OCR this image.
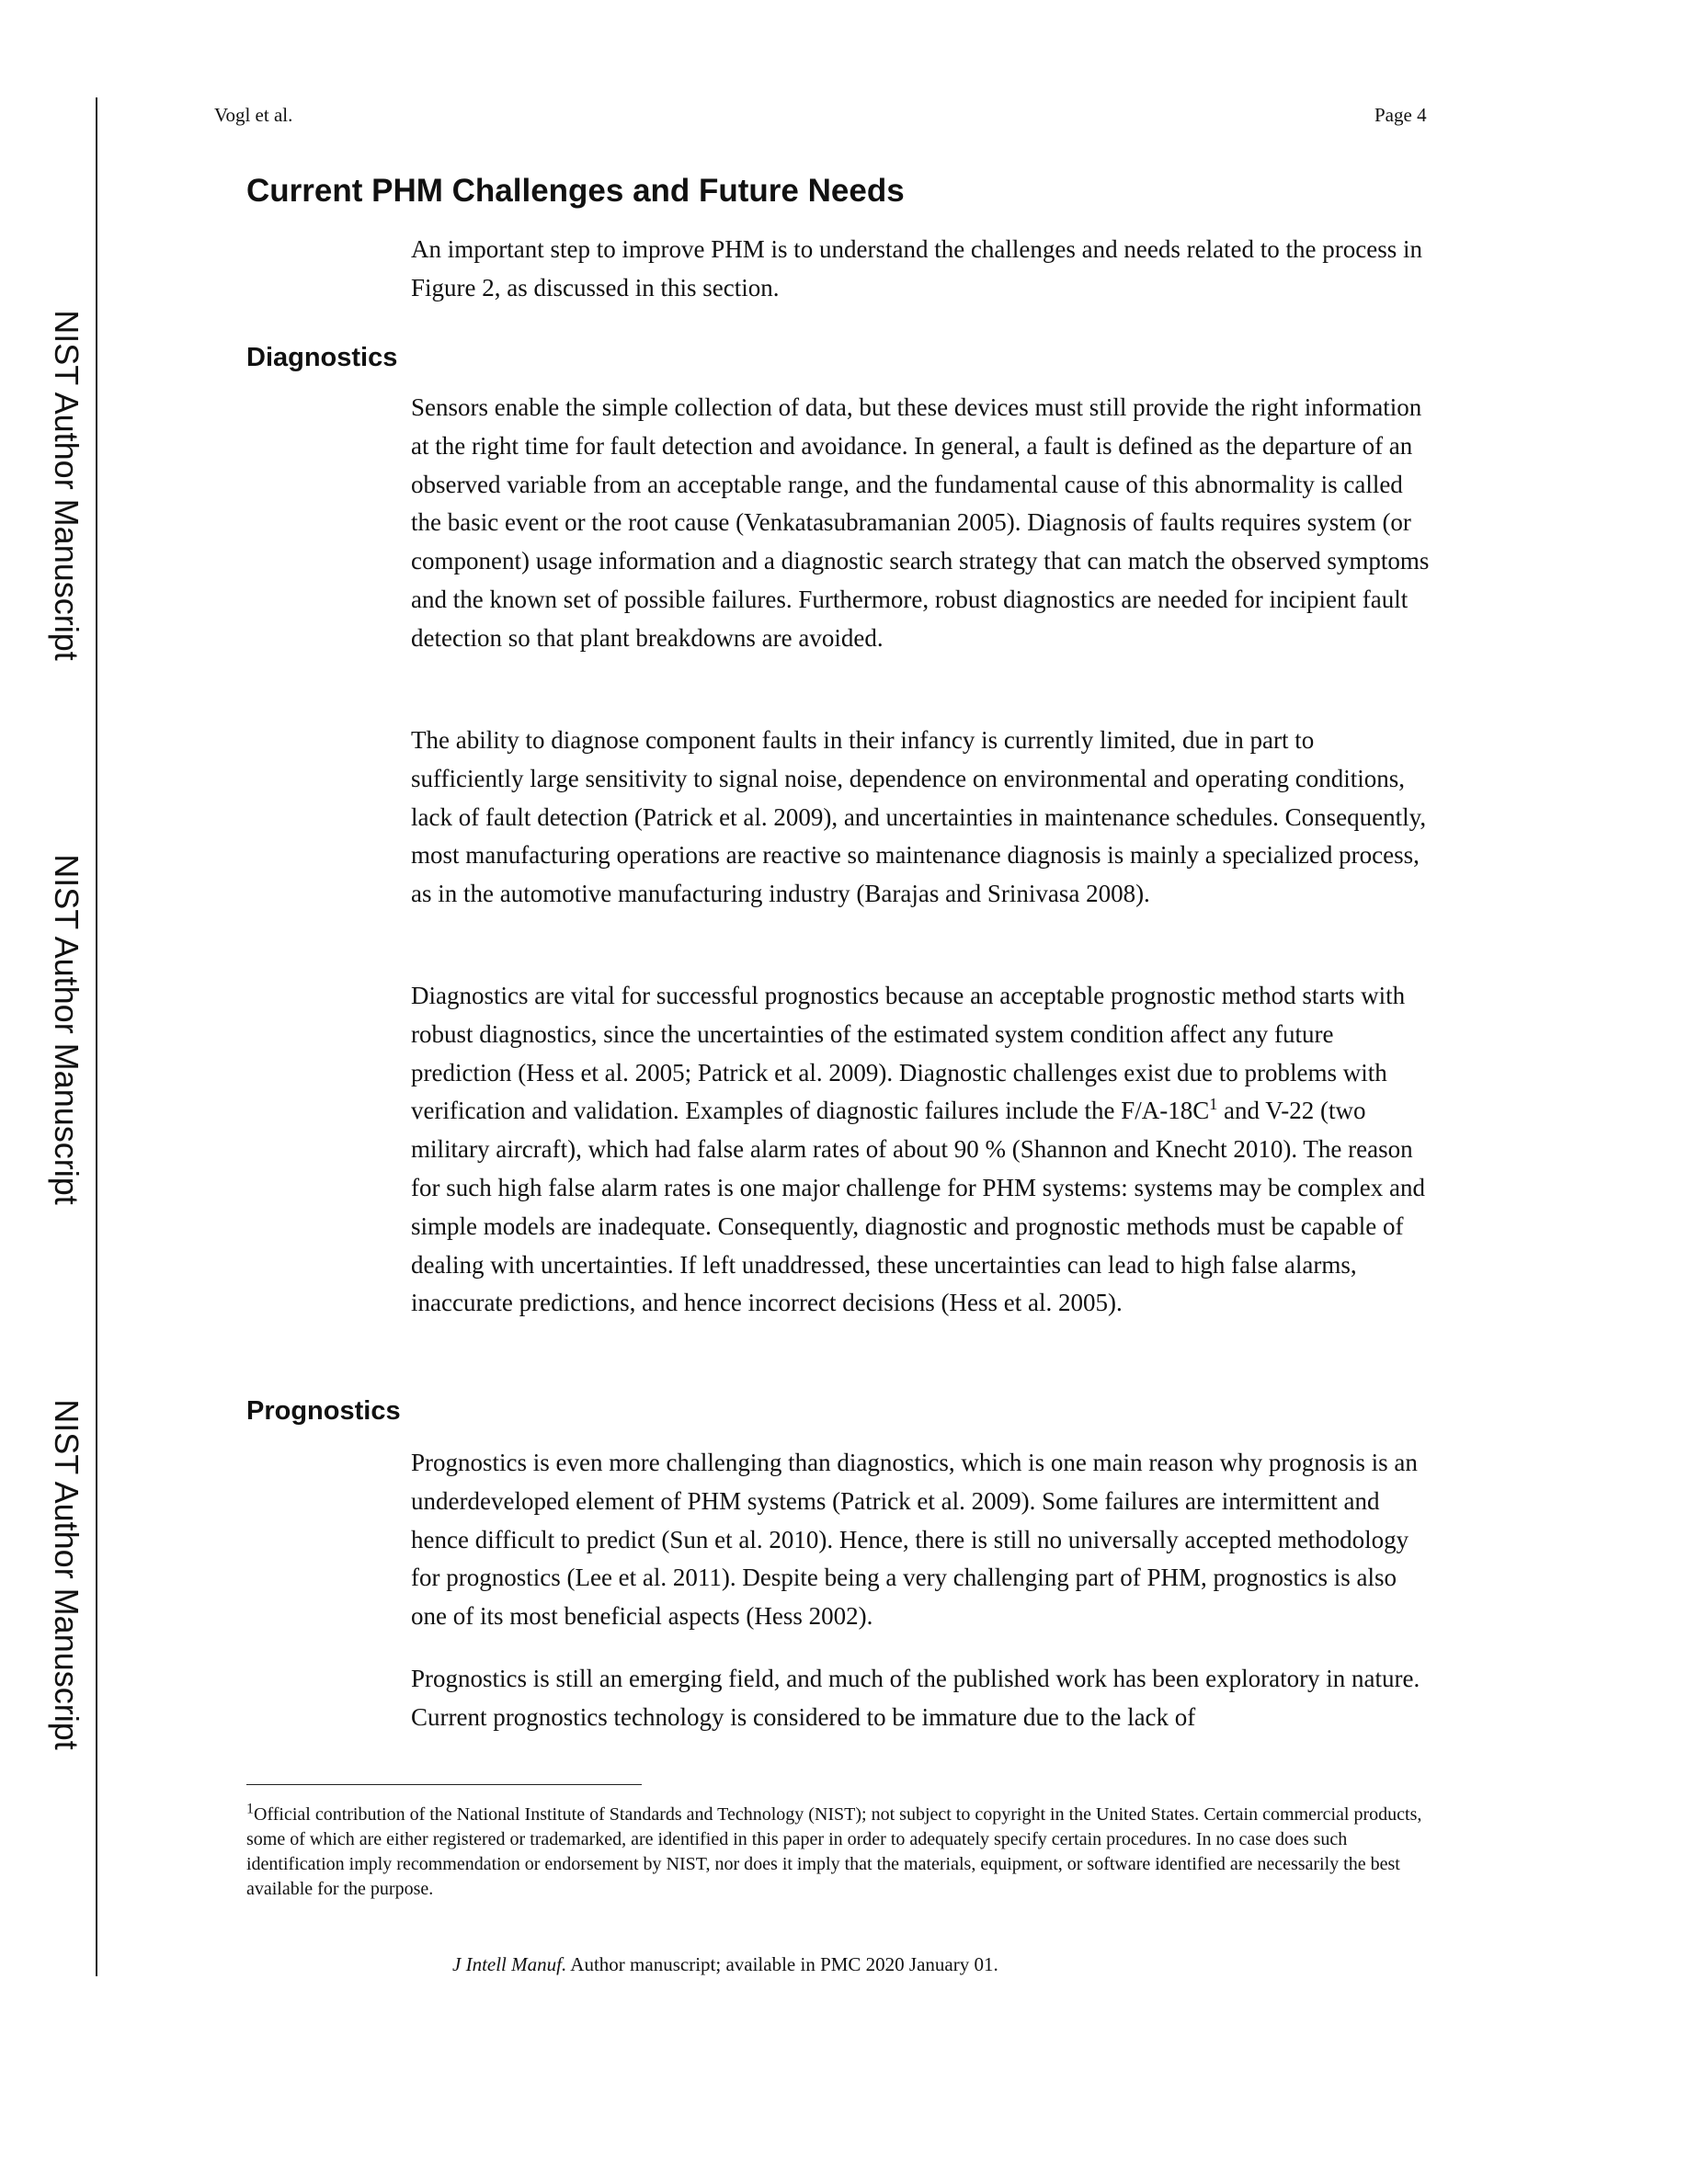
Vogl et al.	Page 4
NIST Author Manuscript
NIST Author Manuscript
NIST Author Manuscript
Current PHM Challenges and Future Needs

An important step to improve PHM is to understand the challenges and needs related to the process in Figure 2, as discussed in this section.

Diagnostics

Sensors enable the simple collection of data, but these devices must still provide the right information at the right time for fault detection and avoidance. In general, a fault is defined as the departure of an observed variable from an acceptable range, and the fundamental cause of this abnormality is called the basic event or the root cause (Venkatasubramanian 2005). Diagnosis of faults requires system (or component) usage information and a diagnostic search strategy that can match the observed symptoms and the known set of possible failures. Furthermore, robust diagnostics are needed for incipient fault detection so that plant breakdowns are avoided.

The ability to diagnose component faults in their infancy is currently limited, due in part to sufficiently large sensitivity to signal noise, dependence on environmental and operating conditions, lack of fault detection (Patrick et al. 2009), and uncertainties in maintenance schedules. Consequently, most manufacturing operations are reactive so maintenance diagnosis is mainly a specialized process, as in the automotive manufacturing industry (Barajas and Srinivasa 2008).

Diagnostics are vital for successful prognostics because an acceptable prognostic method starts with robust diagnostics, since the uncertainties of the estimated system condition affect any future prediction (Hess et al. 2005; Patrick et al. 2009). Diagnostic challenges exist due to problems with verification and validation. Examples of diagnostic failures include the $F/A-18C^1$ and V-22 (two military aircraft), which had false alarm rates of about 90 % (Shannon and Knecht 2010). The reason for such high false alarm rates is one major challenge for PHM systems: systems may be complex and simple models are inadequate. Consequently, diagnostic and prognostic methods must be capable of dealing with uncertainties. If left unaddressed, these uncertainties can lead to high false alarms, inaccurate predictions, and hence incorrect decisions (Hess et al. 2005).

Prognostics

Prognostics is even more challenging than diagnostics, which is one main reason why prognosis is an underdeveloped element of PHM systems (Patrick et al. 2009). Some failures are intermittent and hence difficult to predict (Sun et al. 2010). Hence, there is still no universally accepted methodology for prognostics (Lee et al. 2011). Despite being a very challenging part of PHM, prognostics is also one of its most beneficial aspects (Hess 2002).

Prognostics is still an emerging field, and much of the published work has been exploratory in nature. Current prognostics technology is considered to be immature due to the lack of

$^1$Official contribution of the National Institute of Standards and Technology (NIST); not subject to copyright in the United States. Certain commercial products, some of which are either registered or trademarked, are identified in this paper in order to adequately specify certain procedures. In no case does such identification imply recommendation or endorsement by NIST, nor does it imply that the materials, equipment, or software identified are necessarily the best available for the purpose.

J Intell Manuf. Author manuscript; available in PMC 2020 January 01.
